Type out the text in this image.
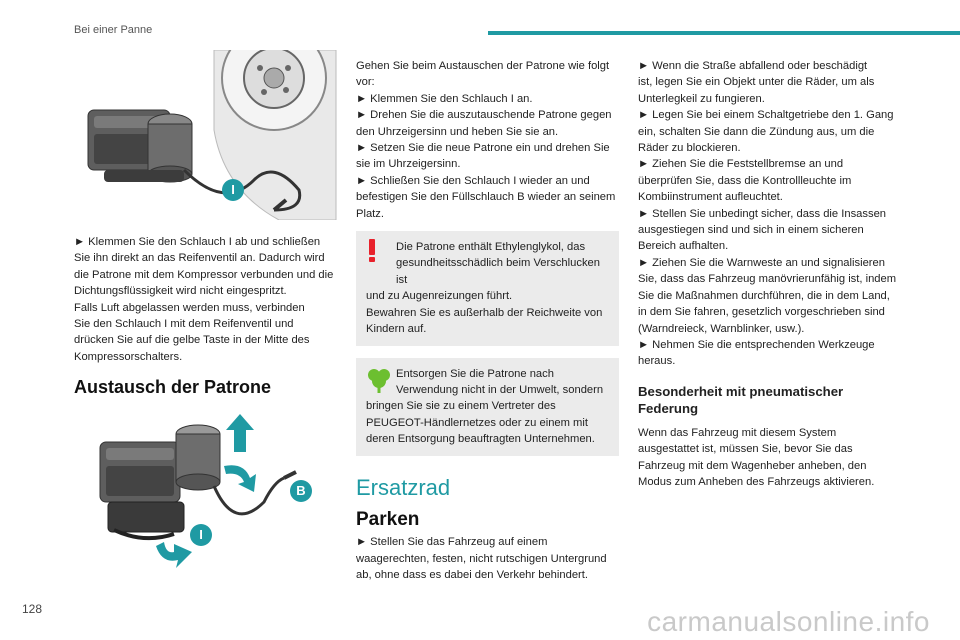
Bei einer Panne
I

► Klemmen Sie den Schlauch I ab und schließen

Sie ihn direkt an das Reifenventil an. Dadurch wird

die Patrone mit dem Kompressor verbunden und die

Dichtungsflüssigkeit wird nicht eingespritzt.

Falls Luft abgelassen werden muss, verbinden

Sie den Schlauch I mit dem Reifenventil und

drücken Sie auf die gelbe Taste in der Mitte des

Kompressorschalters.

Austausch der Patrone
B
I

Gehen Sie beim Austauschen der Patrone wie folgt

vor:

► Klemmen Sie den Schlauch I an.

► Drehen Sie die auszutauschende Patrone gegen

den Uhrzeigersinn und heben Sie sie an.

► Setzen Sie die neue Patrone ein und drehen Sie

sie im Uhrzeigersinn.

► Schließen Sie den Schlauch I wieder an und

befestigen Sie den Füllschlauch B wieder an seinem

Platz.

Die Patrone enthält Ethylenglykol, das

gesundheitsschädlich beim Verschlucken ist

und zu Augenreizungen führt.

Bewahren Sie es außerhalb der Reichweite von

Kindern auf.

Entsorgen Sie die Patrone nach

Verwendung nicht in der Umwelt, sondern

bringen Sie sie zu einem Vertreter des

PEUGEOT-Händlernetzes oder zu einem mit

deren Entsorgung beauftragten Unternehmen.

Ersatzrad
Parken

► Stellen Sie das Fahrzeug auf einem

waagerechten, festen, nicht rutschigen Untergrund

ab, ohne dass es dabei den Verkehr behindert.

► Wenn die Straße abfallend oder beschädigt

ist, legen Sie ein Objekt unter die Räder, um als

Unterlegkeil zu fungieren.

► Legen Sie bei einem Schaltgetriebe den 1. Gang

ein, schalten Sie dann die Zündung aus, um die

Räder zu blockieren.

► Ziehen Sie die Feststellbremse an und

überprüfen Sie, dass die Kontrollleuchte im

Kombiinstrument aufleuchtet.

► Stellen Sie unbedingt sicher, dass die Insassen

ausgestiegen sind und sich in einem sicheren

Bereich aufhalten.

► Ziehen Sie die Warnweste an und signalisieren

Sie, dass das Fahrzeug manövrierunfähig ist, indem

Sie die Maßnahmen durchführen, die in dem Land,

in dem Sie fahren, gesetzlich vorgeschrieben sind

(Warndreieck, Warnblinker, usw.).

► Nehmen Sie die entsprechenden Werkzeuge

heraus.

Besonderheit mit pneumatischer

Federung

Wenn das Fahrzeug mit diesem System

ausgestattet ist, müssen Sie, bevor Sie das

Fahrzeug mit dem Wagenheber anheben, den

Modus zum Anheben des Fahrzeugs aktivieren.

128	carmanualsonline.info
